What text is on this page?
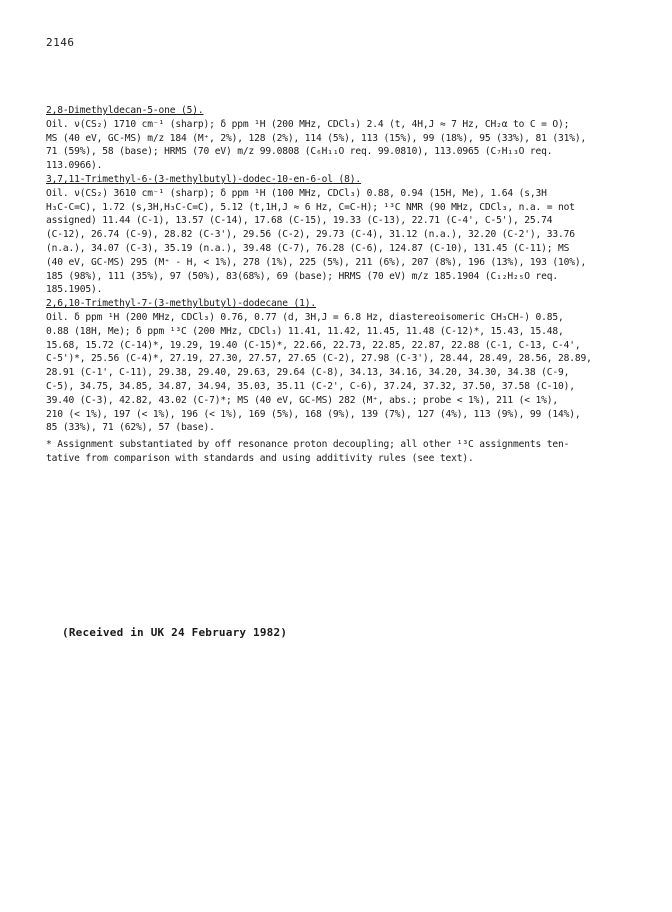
2146
2,8-Dimethyldecan-5-one (5).
Oil. ν(CS₂) 1710 cm⁻¹ (sharp); δ ppm ¹H (200 MHz, CDCl₃) 2.4 (t, 4H,J ≈ 7 Hz, CH₂α to C = O);
MS (40 eV, GC-MS) m/z 184 (M⁺, 2%), 128 (2%), 114 (5%), 113 (15%), 99 (18%), 95 (33%), 81 (31%),
71 (59%), 58 (base); HRMS (70 eV) m/z 99.0808 (C₆H₁₁O req. 99.0810), 113.0965 (C₇H₁₃O req.
113.0966).
3,7,11-Trimethyl-6-(3-methylbutyl)-dodec-10-en-6-ol (8).
Oil. ν(CS₂) 3610 cm⁻¹ (sharp); δ ppm ¹H (100 MHz, CDCl₃) 0.88, 0.94 (15H, Me), 1.64 (s,3H
H₃C-C=C), 1.72 (s,3H,H₃C-C=C), 5.12 (t,1H,J ≈ 6 Hz, C=C-H); ¹³C NMR (90 MHz, CDCl₃, n.a. = not
assigned) 11.44 (C-1), 13.57 (C-14), 17.68 (C-15), 19.33 (C-13), 22.71 (C-4', C-5'), 25.74
(C-12), 26.74 (C-9), 28.82 (C-3'), 29.56 (C-2), 29.73 (C-4), 31.12 (n.a.), 32.20 (C-2'), 33.76
(n.a.), 34.07 (C-3), 35.19 (n.a.), 39.48 (C-7), 76.28 (C-6), 124.87 (C-10), 131.45 (C-11); MS
(40 eV, GC-MS) 295 (M⁺ - H, < 1%), 278 (1%), 225 (5%), 211 (6%), 207 (8%), 196 (13%), 193 (10%),
185 (98%), 111 (35%), 97 (50%), 83(68%), 69 (base); HRMS (70 eV) m/z 185.1904 (C₁₂H₂₅O req.
185.1905).
2,6,10-Trimethyl-7-(3-methylbutyl)-dodecane (1).
Oil. δ ppm ¹H (200 MHz, CDCl₃) 0.76, 0.77 (d, 3H,J = 6.8 Hz, diastereoisomeric CH₃CH-) 0.85,
0.88 (18H, Me); δ ppm ¹³C (200 MHz, CDCl₃) 11.41, 11.42, 11.45, 11.48 (C-12)*, 15.43, 15.48,
15.68, 15.72 (C-14)*, 19.29, 19.40 (C-15)*, 22.66, 22.73, 22.85, 22.87, 22.88 (C-1, C-13, C-4',
C-5')*, 25.56 (C-4)*, 27.19, 27.30, 27.57, 27.65 (C-2), 27.98 (C-3'), 28.44, 28.49, 28.56, 28.89,
28.91 (C-1', C-11), 29.38, 29.40, 29.63, 29.64 (C-8), 34.13, 34.16, 34.20, 34.30, 34.38 (C-9,
C-5), 34.75, 34.85, 34.87, 34.94, 35.03, 35.11 (C-2', C-6), 37.24, 37.32, 37.50, 37.58 (C-10),
39.40 (C-3), 42.82, 43.02 (C-7)*; MS (40 eV, GC-MS) 282 (M⁺, abs.; probe < 1%), 211 (< 1%),
210 (< 1%), 197 (< 1%), 196 (< 1%), 169 (5%), 168 (9%), 139 (7%), 127 (4%), 113 (9%), 99 (14%),
85 (33%), 71 (62%), 57 (base).
* Assignment substantiated by off resonance proton decoupling; all other ¹³C assignments ten-
tative from comparison with standards and using additivity rules (see text).
(Received in UK 24 February 1982)
